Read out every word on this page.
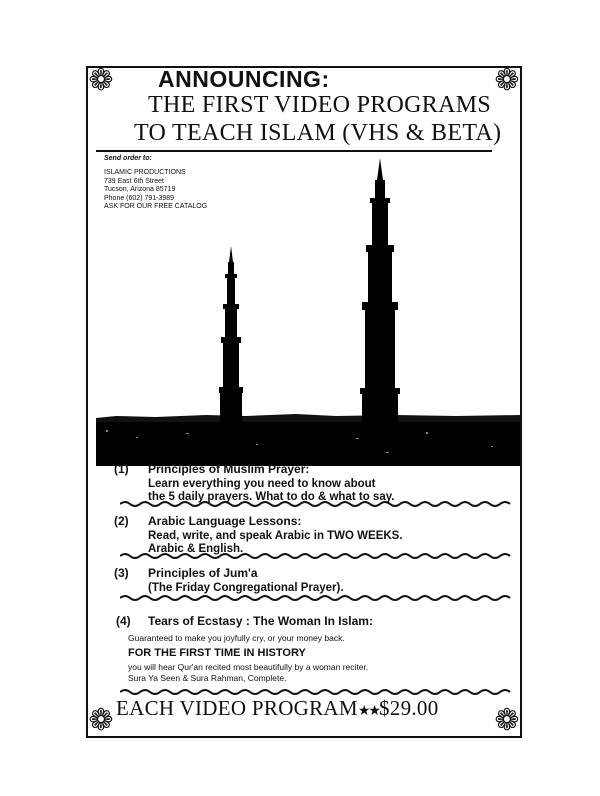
❁	❁
❁	❁
ANNOUNCING:
THE FIRST VIDEO PROGRAMS
TO TEACH ISLAM (VHS & BETA)
Send order to:
ISLAMIC PRODUCTIONS
739 East 6th Street
Tucson, Arizona 85719
Phone (602) 791-3989
ASK FOR OUR FREE CATALOG
(1) Principles of Muslim Prayer:
Learn everything you need to know about
the 5 daily prayers. What to do & what to say.
(2) Arabic Language Lessons:
Read, write, and speak Arabic in TWO WEEKS.
Arabic & English.
(3) Principles of Jum'a
(The Friday Congregational Prayer).
(4) Tears of Ecstasy : The Woman In Islam:
Guaranteed to make you joyfully cry, or your money back.
FOR THE FIRST TIME IN HISTORY
you will hear Qur'an recited most beautifully by a woman reciter.
Sura Ya Seen & Sura Rahman, Complete.
EACH VIDEO PROGRAM★★$29.00
